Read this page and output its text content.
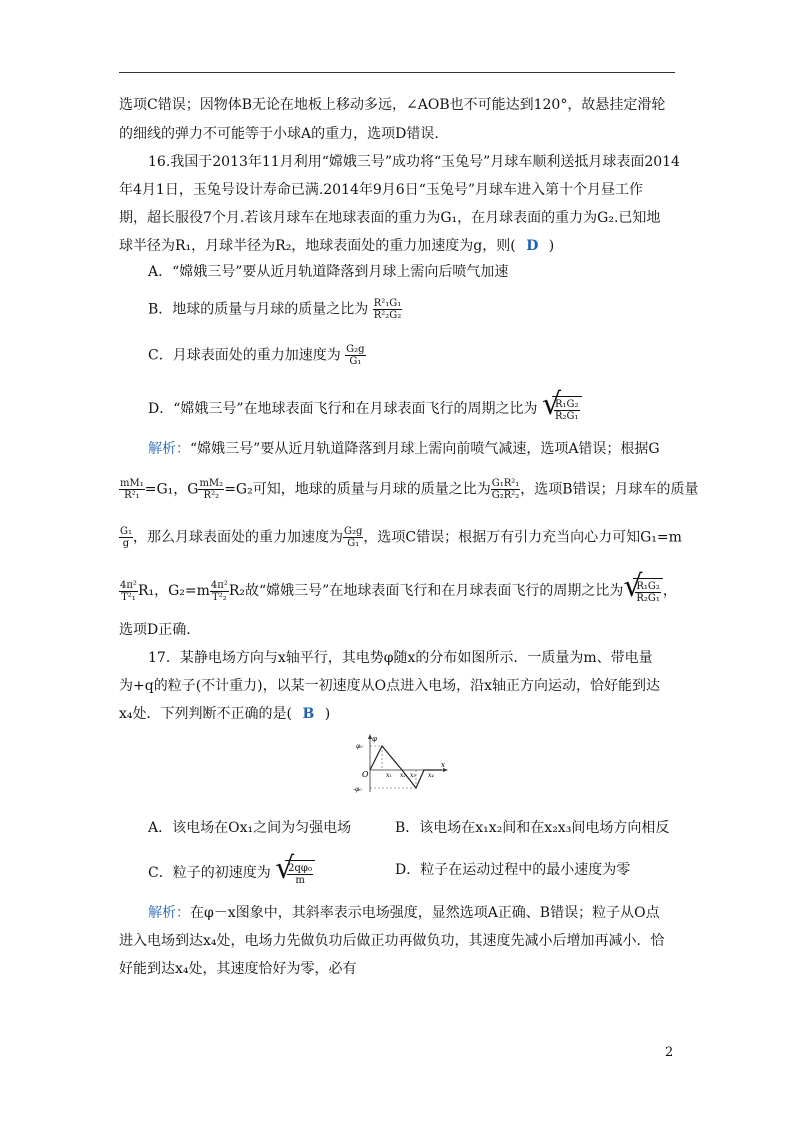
选项C错误；因物体B无论在地板上移动多远，∠AOB也不可能达到120°，故悬挂定滑轮
的细线的弹力不可能等于小球A的重力，选项D错误.
16.我国于2013年11月利用“嫦娥三号”成功将“玉兔号”月球车顺利送抵月球表面2014
年4月1日，玉兔号设计寿命已满.2014年9月6日“玉兔号”月球车进入第十个月昼工作
期，超长服役7个月.若该月球车在地球表面的重力为G₁，在月球表面的重力为G₂.已知地
球半径为R₁，月球半径为R₂，地球表面处的重力加速度为g，则( D )
A．“嫦娥三号”要从近月轨道降落到月球上需向后喷气加速
B．地球的质量与月球的质量之比为 $\frac{\text{R²₁G₁}}{\text{R²₂G₂}}$
C．月球表面处的重力加速度为 $\frac{\text{G₂g}}{\text{G₁}}$
D．“嫦娥三号”在地球表面飞行和在月球表面飞行的周期之比为 √
$\frac{\text{R₁G₂}}{\text{R₂G₁}}$
解析：“嫦娥三号”要从近月轨道降落到月球上需向前喷气减速，选项A错误；根据G
$\frac{\text{mM₁}}{\text{R²₁}} =G_1$，G $\frac{\text{mM₂}}{\text{R²₂}} =G_2$可知，地球的质量与月球的质量之比为 $\frac{\text{G₁R²₁}}{\text{G₂R²₂}}$ ，选项B错误；月球车的质量
$\frac{\text{G₁}}{g}$ ，那么月球表面处的重力加速度为 $\frac{\text{G₂g}}{\text{G₁}}$ ，选项C错误；根据万有引力充当向心力可知G₁=m
$\frac{\text{4π²}}{\text{T²₁}} R_1$，$G_2=m \frac{\text{4π²}}{\text{T²₂}} R_2$故“嫦娥三号”在地球表面飞行和在月球表面飞行的周期之比为 √
$\frac{\text{R₁G₂}}{\text{R₂G₁}}$ ，
选项D正确.
17．某静电场方向与x轴平行，其电势φ随x的分布如图所示．一质量为m、带电量
为+q的粒子(不计重力)，以某一初速度从O点进入电场，沿x轴正方向运动，恰好能到达
x₄处．下列判断不正确的是( B )
φ
φ₀
-φ₀
O	x₁ x₂ x₃ x₄
x
A．该电场在Ox₁之间为匀强电场	B．该电场在x₁x₂间和在x₂x₃间电场方向相反
C．粒子的初速度为 √
$\frac{\text{2qφ₀}}{m}$	D．粒子在运动过程中的最小速度为零
解析：在φ－x图象中，其斜率表示电场强度，显然选项A正确、B错误；粒子从O点
进入电场到达x₄处，电场力先做负功后做正功再做负功，其速度先减小后增加再减小．恰
好能到达x₄处，其速度恰好为零，必有
2
